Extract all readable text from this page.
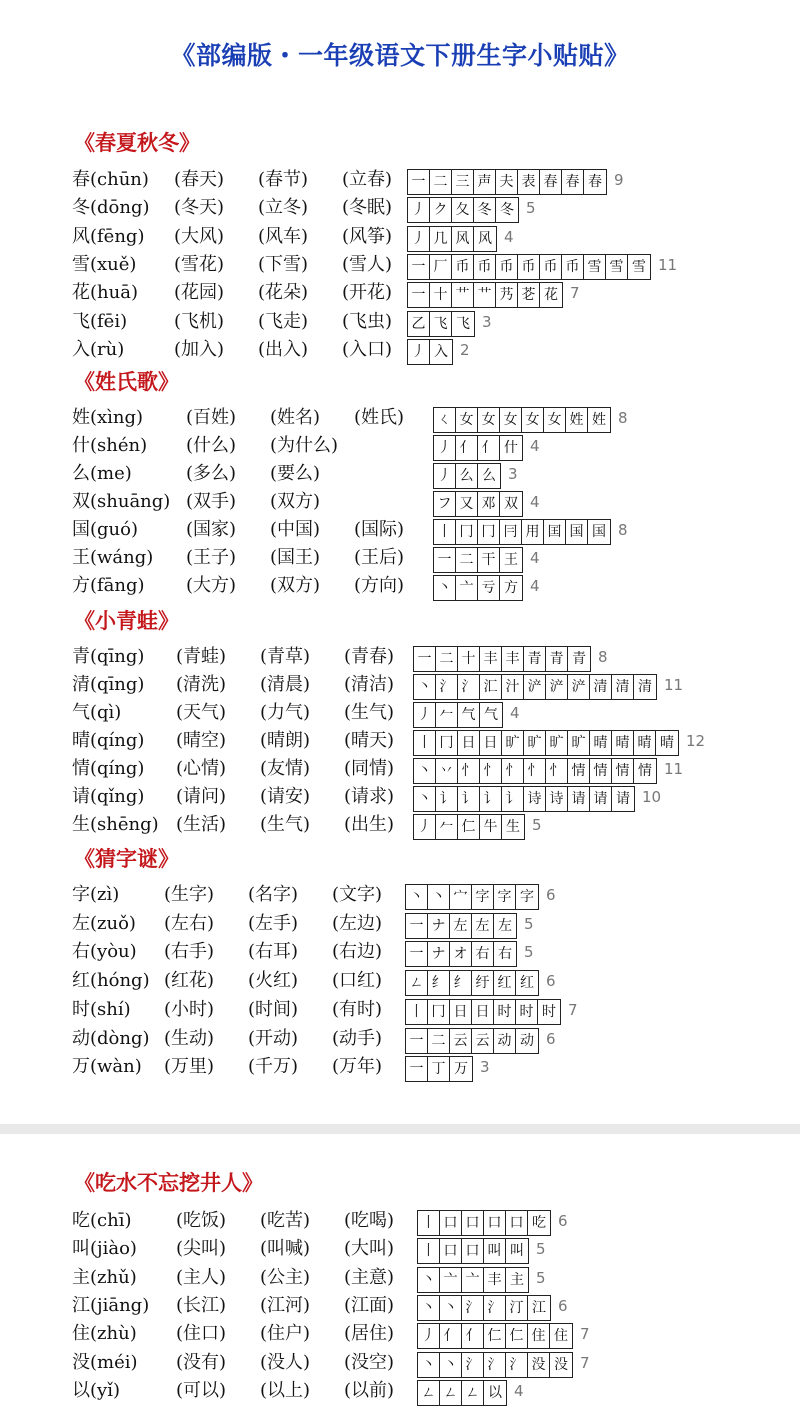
《部编版・一年级语文下册生字小贴贴》
《春夏秋冬》
春(chūn) (春天) (春节) (立春) 一 二 三 声 夫 表 春 春 春 9
冬(dōng) (冬天) (立冬) (冬眠) 丿 ク 夂 冬 冬 5
风(fēng) (大风) (风车) (风筝) 丿 几 风 风 4
雪(xuě) (雪花) (下雪) (雪人) 一 厂 币 币 币 币 币 币 雪 雪 雪 11
花(huā) (花园) (花朵) (开花) 一 十 艹 艹 艿 芲 花 7
飞(fēi)	(飞机) (飞走) (飞虫) 乙 飞 飞 3
入(rù)	(加入) (出入) (入口) 丿 入 2
《姓氏歌》
姓(xìng) (百姓) (姓名) (姓氏) ㄑ 女 女 女 女 女 姓 姓 8
什(shén) (什么) (为什么)	丿 亻 亻 什 4
么(me)	(多么) (要么)	丿 么 么 3
双(shuāng) (双手) (双方)	フ 又 邓 双 4
国(guó)	(国家) (中国) (国际) 丨 冂 冂 冃 用 囯 国 国 8
王(wáng) (王子) (国王) (王后) 一 二 干 王 4
方(fāng) (大方) (双方) (方向) 丶 亠 亏 方 4
《小青蛙》
青(qīng) (青蛙) (青草) (青春) 一 二 十 丰 丰 青 青 青 8
清(qīng) (清洗) (清晨) (清洁) 丶 氵 氵 汇 汁 浐 浐 浐 清 清 清 11
气(qì)	(天气) (力气) (生气) 丿 𠂉 气 气 4
晴(qíng) (晴空) (晴朗) (晴天) 丨 冂 日 日 旷 旷 旷 旷 晴 晴 晴 晴 12
情(qíng) (心情) (友情) (同情) 丶 丷 忄 忄 忄 忄 忄 情 情 情 情 11
请(qǐng) (请问) (请安) (请求) 丶 讠 讠 讠 讠 诗 诗 请 请 请 10
生(shēng) (生活) (生气) (出生) 丿 𠂉 仁 牛 生 5
《猜字谜》
字(zì) (生字) (名字) (文字) 丶 丶 宀 字 字 字 6
左(zuǒ) (左右) (左手) (左边) 一 ナ 左 左 左 5
右(yòu) (右手) (右耳) (右边) 一 ナ オ 右 右 5
红(hóng) (红花) (火红) (口红) ㄥ 纟 纟 纡 红 红 6
时(shí) (小时) (时间) (有时) 丨 冂 日 日 时 时 时 7
动(dòng) (生动) (开动) (动手) 一 二 云 云 动 动 6
万(wàn) (万里) (千万) (万年) 一 丁 万 3
《吃水不忘挖井人》
吃(chī) (吃饭) (吃苦) (吃喝) 丨 口 口 口 口 吃 6
叫(jiào) (尖叫) (叫喊) (大叫) 丨 口 口 叫 叫 5
主(zhǔ) (主人) (公主) (主意) 丶 亠 亠 丰 主 5
江(jiāng) (长江) (江河) (江面) 丶 丶 氵 氵 汀 江 6
住(zhù) (住口) (住户) (居住) 丿 亻 亻 仁 仁 住 住 7
没(méi) (没有) (没人) (没空) 丶 丶 氵 氵 氵 没 没 7
以(yǐ)	(可以) (以上) (以前) ㄥ ㄥ ㄥ 以 4
